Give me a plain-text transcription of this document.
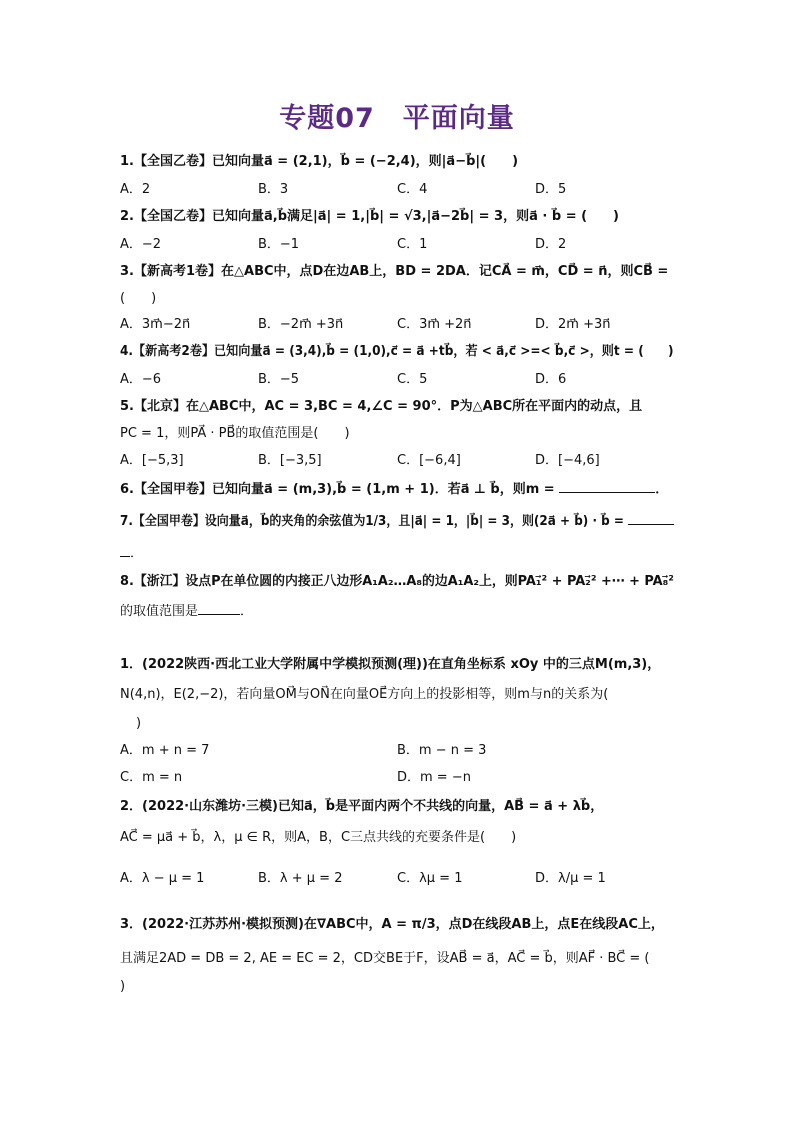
专题07　平面向量
1.【全国乙卷】已知向量a⃗ = (2,1)，b⃗ = (−2,4)，则|a⃗−b⃗|(　　)
A．2	B．3	C．4	D．5
2.【全国乙卷】已知向量a⃗,b⃗满足|a⃗| = 1,|b⃗| = √3,|a⃗−2b⃗| = 3，则a⃗ · b⃗ = (　　)
A．−2	B．−1	C．1	D．2
3.【新高考1卷】在△ABC中，点D在边AB上，BD = 2DA．记CA⃗ = m⃗，CD⃗ = n⃗，则CB⃗ =
(　　)
A．3m⃗−2n⃗	B．−2m⃗ +3n⃗	C．3m⃗ +2n⃗	D．2m⃗ +3n⃗
4.【新高考2卷】已知向量a⃗ = (3,4),b⃗ = (1,0),c⃗ = a⃗ +tb⃗，若 < a⃗,c⃗ >=< b⃗,c⃗ >，则t = (　　)
A．−6	B．−5	C．5	D．6
5.【北京】在△ABC中，AC = 3,BC = 4,∠C = 90°．P为△ABC所在平面内的动点，且
PC = 1，则PA⃗ · PB⃗的取值范围是(　　)
A．[−5,3]	B．[−3,5]	C．[−6,4]	D．[−4,6]
6.【全国甲卷】已知向量a⃗ = (m,3),b⃗ = (1,m + 1)．若a⃗ ⊥ b⃗，则m =	．
7.【全国甲卷】设向量a⃗，b⃗的夹角的余弦值为1/3，且|a⃗| = 1，|b⃗| = 3，则(2a⃗ + b⃗) · b⃗ =
．
8.【浙江】设点P在单位圆的内接正八边形A₁A₂…A₈的边A₁A₂上，则PA₁⃗² + PA₂⃗² +⋯ + PA₈⃗²
的取值范围是	．
1．(2022陕西·西北工业大学附属中学模拟预测(理))在直角坐标系 xOy 中的三点M(m,3)，
N(4,n)，E(2,−2)，若向量OM⃗与ON⃗在向量OE⃗方向上的投影相等，则m与n的关系为(
)
A．m + n = 7	B．m − n = 3
C．m = n	D．m = −n
2．(2022·山东潍坊·三模)已知a⃗，b⃗是平面内两个不共线的向量，AB⃗ = a⃗ + λb⃗，
AC⃗ = μa⃗ + b⃗，λ，μ ∈ R，则A，B，C三点共线的充要条件是(　　)
A．λ − μ = 1	B．λ + μ = 2	C．λμ = 1	D．λ/μ = 1
3．(2022·江苏苏州·模拟预测)在∇ABC中，A = π/3，点D在线段AB上，点E在线段AC上，
且满足2AD = DB = 2, AE = EC = 2，CD交BE于F，设AB⃗ = a⃗，AC⃗ = b⃗，则AF⃗ · BC⃗ = (
)
